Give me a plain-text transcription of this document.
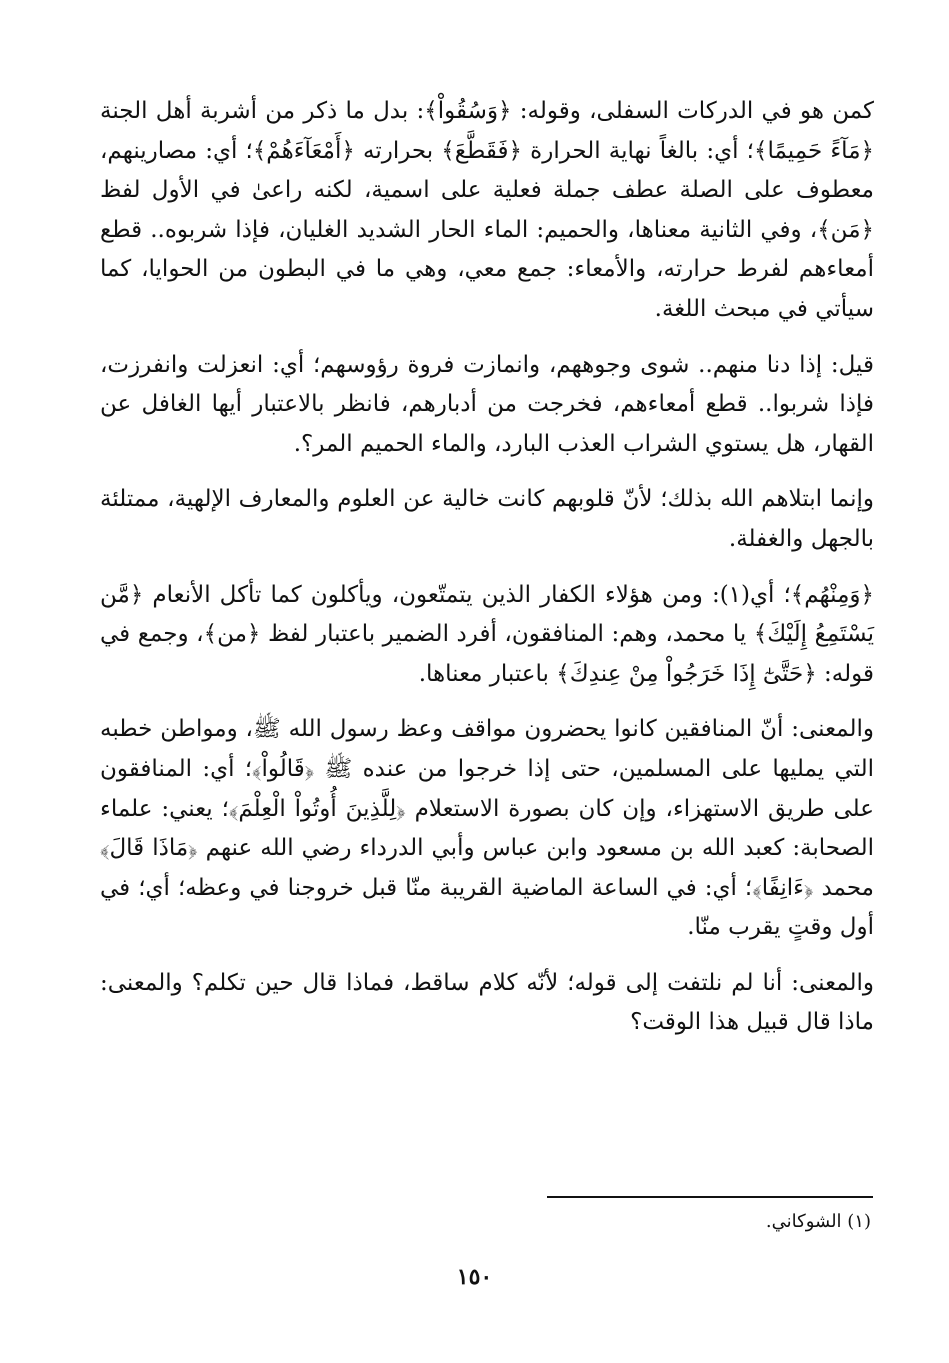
كمن هو في الدركات السفلى، وقوله: ﴿وَسُقُواْ﴾: بدل ما ذكر من أشربة أهل الجنة ﴿مَآءً حَمِيمًا﴾؛ أي: بالغاً نهاية الحرارة ﴿فَقَطَّعَ﴾ بحرارته ﴿أَمْعَآءَهُمْ﴾؛ أي: مصارينهم، معطوف على الصلة عطف جملة فعلية على اسمية، لكنه راعىٰ في الأول لفظ ﴿مَن﴾، وفي الثانية معناها، والحميم: الماء الحار الشديد الغليان، فإذا شربوه.. قطع أمعاءهم لفرط حرارته، والأمعاء: جمع معي، وهي ما في البطون من الحوايا، كما سيأتي في مبحث اللغة.

قيل: إذا دنا منهم.. شوى وجوههم، وانمازت فروة رؤوسهم؛ أي: انعزلت وانفرزت، فإذا شربوا.. قطع أمعاءهم، فخرجت من أدبارهم، فانظر بالاعتبار أيها الغافل عن القهار، هل يستوي الشراب العذب البارد، والماء الحميم المر؟.

وإنما ابتلاهم الله بذلك؛ لأنّ قلوبهم كانت خالية عن العلوم والمعارف الإلهية، ممتلئة بالجهل والغفلة.

﴿وَمِنْهُم﴾؛ أي(١): ومن هؤلاء الكفار الذين يتمتّعون، ويأكلون كما تأكل الأنعام ﴿مَّن يَسْتَمِعُ إِلَيْكَ﴾ يا محمد، وهم: المنافقون، أفرد الضمير باعتبار لفظ ﴿من﴾، وجمع في قوله: ﴿حَتَّىٰٓ إِذَا خَرَجُواْ مِنْ عِندِكَ﴾ باعتبار معناها.

والمعنى: أنّ المنافقين كانوا يحضرون مواقف وعظ رسول الله ﷺ، ومواطن خطبه التي يمليها على المسلمين، حتى إذا خرجوا من عنده ﷺ ﴿قَالُواْ﴾؛ أي: المنافقون على طريق الاستهزاء، وإن كان بصورة الاستعلام ﴿لِلَّذِينَ أُوتُواْ الْعِلْمَ﴾؛ يعني: علماء الصحابة: كعبد الله بن مسعود وابن عباس وأبي الدرداء رضي الله عنهم ﴿مَاذَا قَالَ﴾ محمد ﴿ءَانِفًا﴾؛ أي: في الساعة الماضية القريبة منّا قبل خروجنا في وعظه؛ أي؛ في أول وقتٍ يقرب منّا.

والمعنى: أنا لم نلتفت إلى قوله؛ لأنّه كلام ساقط، فماذا قال حين تكلم؟ والمعنى: ماذا قال قبيل هذا الوقت؟

(١) الشوكاني.
١٥٠
